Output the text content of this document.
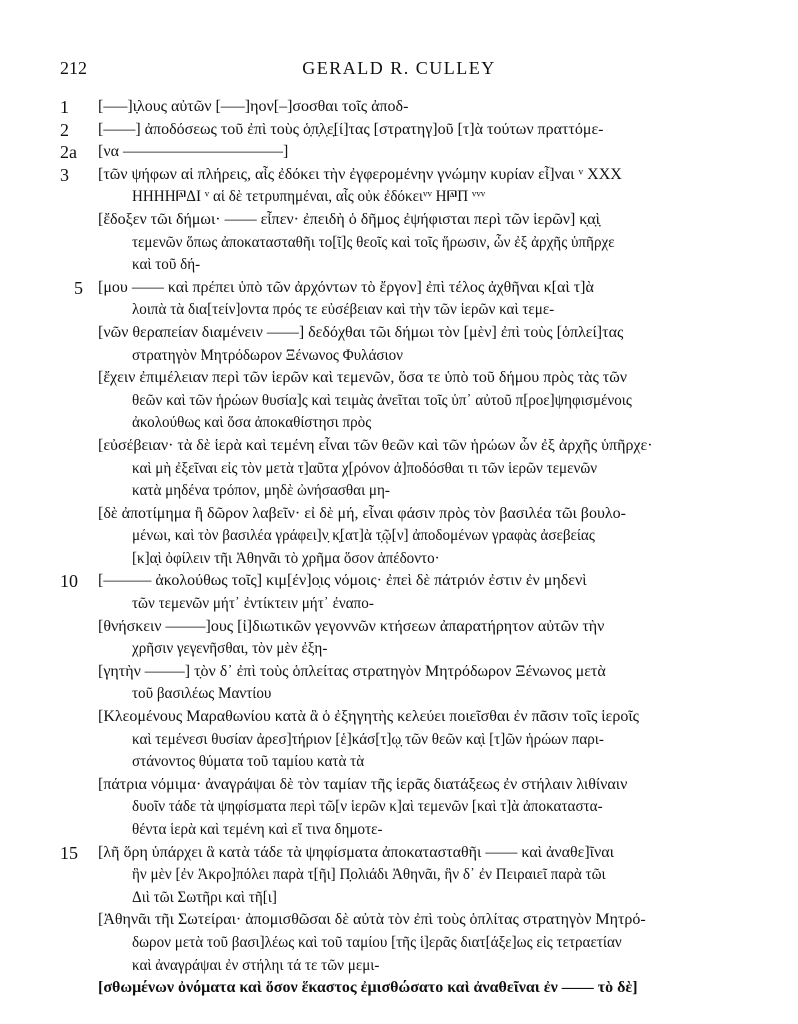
212	GERALD R. CULLEY
1	[‒‒‒]ι̣λους αὐτῶν [‒‒‒]ηον[‒]σοσθαι τοῖς ἀποδ-
2	[‒‒‒‒] ἀποδόσεως τοῦ ἐπὶ τοὺς ὁ̣π̣λ̣ε̣[ί]τας [στρατηγ]οῦ [τ]ὰ τούτων πραττόμε-
2a	[να ‒‒‒‒‒‒‒‒‒‒‒‒‒‒‒‒‒‒‒‒]
3	[τῶν ψήφων αἱ πλήρεις, αἷς ἐδόκει τὴν ἐγφερομένην γνώμην κυρίαν εἶ]ναι ᵛ XXX
HHHH𐅄ΔΙ ᵛ αἱ δὲ τετρυπημέναι, αἷς οὐκ ἐδόκειᵛᵛ Η𐅄Π ᵛᵛᵛ
[ἔδοξεν τῶι δήμωι· ‒‒‒‒ εἶπεν· ἐπειδὴ ὁ δῆμος ἐψήφισται περὶ τῶν ἱερῶν] κ̣α̣ὶ̣
τεμενῶν ὅπως ἀποκατασταθῆι το[ῖ]ς θεοῖς καὶ τοῖς ἥρωσιν, ὧν ἐξ ἀρχῆς ὑπῆρχε
καὶ τοῦ δή-
5 [μου ‒‒‒‒ καὶ πρέπει ὑπὸ τῶν ἀρχόντων τὸ ἔργον] ἐπὶ τέλος ἀχθῆναι κ[αὶ τ]ὰ
λοιπὰ τὰ δια[τείν]οντα πρός τε εὐσέβειαν καὶ τὴν τῶν ἱερῶν καὶ τεμε-
[νῶν θεραπείαν διαμένειν ‒‒‒‒] δεδόχθαι τῶι δήμωι τὸν [μὲν] ἐπὶ τοὺς [ὁπλεί]τας
στρατηγὸν Μητρόδωρον Ξένωνος Φυλάσιον
[ἔχειν ἐπιμέλειαν περὶ τῶν ἱερῶν καὶ τεμενῶν, ὅσα τε ὑπὸ τοῦ δήμου πρὸς τὰς τῶν
θεῶν καὶ τῶν ἡρώων θυσία]ς καὶ τειμὰς ἀνεῖται τοῖς ὑπ᾽ αὐτοῦ π[ροε]ψηφισμένοις
ἀκολούθως καὶ ὅσα ἀποκαθίστησι πρὸς
[εὐσέβειαν· τὰ δὲ ἱερὰ καὶ τεμένη εἶναι τῶν θεῶν καὶ τῶν ἡρώων ὧν ἐξ ἀρχῆς ὑπῆρχε·
καὶ μὴ ἐξεῖναι εἰς τὸν μετὰ τ]αῦτα χ[ρόνον ἀ]ποδόσθαι τι τῶν ἱερῶν τεμενῶν
κατὰ μηδένα τρόπον, μηδὲ ὠνήσασθαι μη-
[δὲ ἀποτίμημα ἢ δῶρον λαβεῖν· εἰ δὲ μή, εἶναι φάσιν πρὸς τὸν βασιλέα τῶι βουλο-
μένωι, καὶ τὸν βασιλέα γράφει]ν̣ κ̣[ατ]ὰ τ̣ῷ[ν] ἀποδομένων γραφὰς ἀσεβείας
[κ]α̣ὶ ὀφίλειν τῆι Ἀθηνᾶι τὸ χρῆμα ὅσον ἀπέδοντο·
10	[‒‒‒‒‒‒ ἀκολούθως τοῖς] κιμ[έν]ο̣ις νόμοις· ἐπεὶ δὲ πάτριόν ἐστιν ἐν μηδενὶ
τῶν τεμενῶν μήτ᾽ ἐντίκτειν μήτ᾽ ἐναπο-
[θνήσκειν ‒‒‒‒‒]ους [ἰ]διωτικῶν γεγοννῶν κτήσεων ἀπαρατήρητον αὐτῶν τὴν
χρῆσιν γεγενῆσθαι, τὸν μὲν ἐξη-
[γητὴν ‒‒‒‒‒] τ̣ὸν δ᾽ ἐπὶ τοὺς ὁπλείτας στρατηγὸν Μητρόδωρον Ξένωνος μετὰ
τοῦ βασιλέως Μαντίου
[Κλεομένους Μαραθωνίου κατὰ ἃ ὁ ἐξηγητὴς κελεύει ποιεῖσθαι ἐν πᾶσιν τοῖς ἱεροῖς
καὶ τεμένεσι θυσίαν ἀρεσ]τήριον [ἑ]κάσ[τ]ῳ̣ τῶν θεῶν κα̣ὶ [τ]ῶν ἡρώων παρι-
στάνοντος θύματα τοῦ ταμίου κατὰ τὰ
[πάτρια νόμιμα· ἀναγράψαι δὲ τὸν ταμίαν τῆς ἱερᾶς διατάξεως ἐν στήλαιν λιθίναιν
δυοῖν τάδε τὰ ψηφίσματα περὶ τῶ[ν ἱερῶν κ]αὶ τεμενῶν [καὶ τ]ὰ ἀποκαταστα-
θέντα ἱερὰ καὶ τεμένη καὶ εἴ τινα δημοτε-
15	[λῆ ὅρη ὑπάρχει ἃ κατὰ τάδε τὰ ψηφίσματα ἀποκατασταθῆι ‒‒‒‒ καὶ ἀναθε]ῖναι
ἣν μὲν [ἐν Ἀκρο]πόλει παρὰ τ[ῆι] Π̣ολιάδι Ἀθηνᾶι, ἣν δ᾽ ἐν Πειραιεῖ παρὰ τῶι
Διὶ τῶι Σωτῆρι καὶ τῆ[ι]
[Ἀθηνᾶι τῆι Σωτείραι· ἀπομισθῶσαι δὲ αὐτὰ τὸν ἐπὶ τοὺς ὁπλίτας στρατηγὸν Μητρό-
δωρον μετὰ τοῦ βασι]λέως καὶ τοῦ ταμίου [τῆς ἱ]ερᾶς διατ[άξε]ως εἰς τετραετίαν
καὶ ἀναγράψαι ἐν στήληι τά τε τῶν μεμι-
[σθωμένων ὀνόματα καὶ ὅσον ἕκαστος ἐμισθώσατο καὶ ἀναθεῖναι ἐν ‒‒‒‒ τὸ δὲ]
